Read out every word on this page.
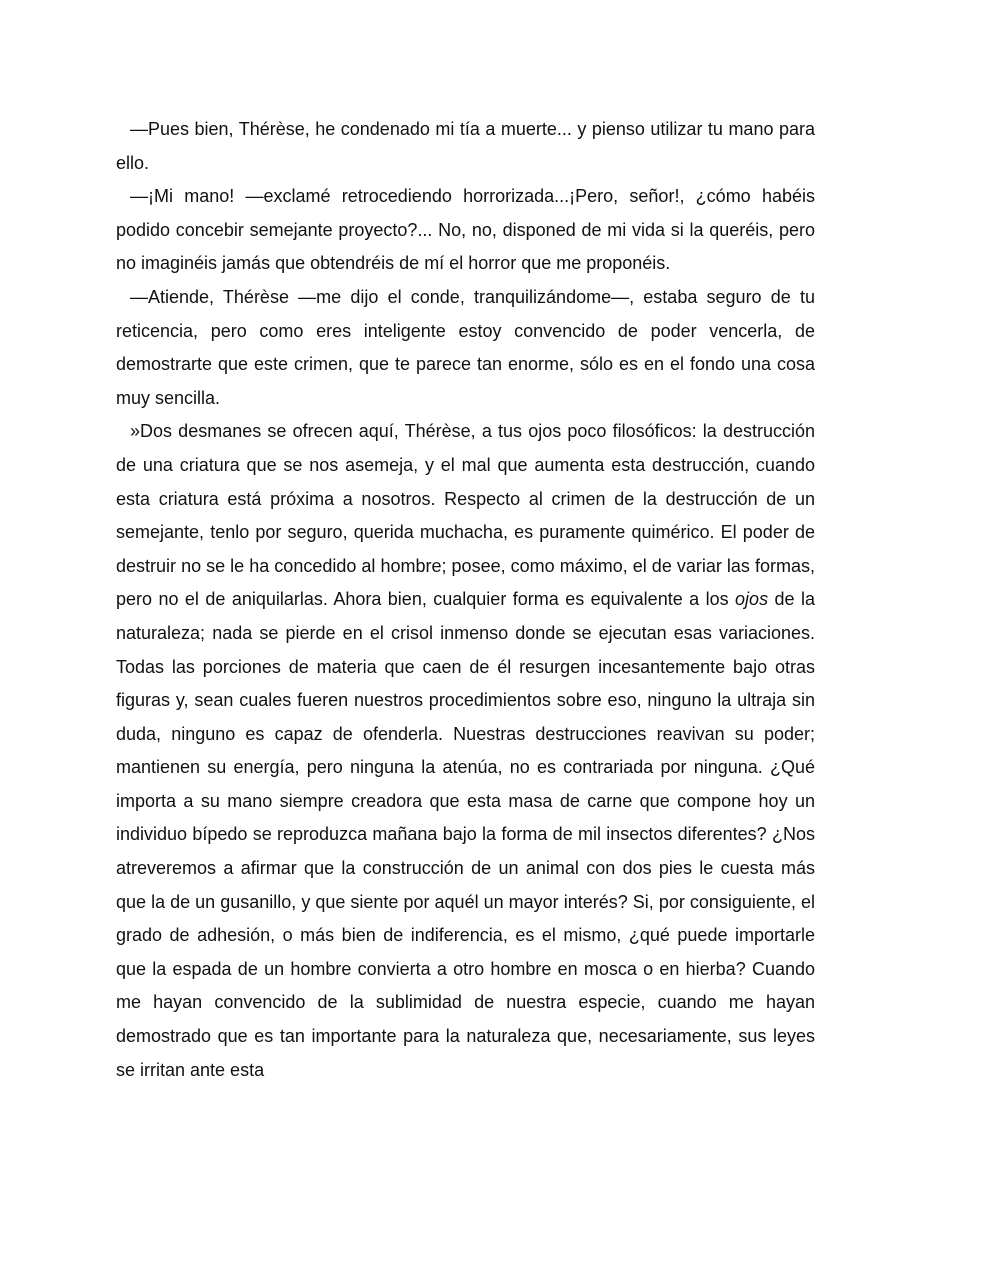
—Pues bien, Thérèse, he condenado mi tía a muerte... y pienso utilizar tu mano para ello.

—¡Mi mano! —exclamé retrocediendo horrorizada...¡Pero, señor!, ¿cómo habéis podido concebir semejante proyecto?... No, no, disponed de mi vida si la queréis, pero no imaginéis jamás que obtendréis de mí el horror que me proponéis.

—Atiende, Thérèse —me dijo el conde, tranquilizándome—, estaba seguro de tu reticencia, pero como eres inteligente estoy convencido de poder vencerla, de demostrarte que este crimen, que te parece tan enorme, sólo es en el fondo una cosa muy sencilla.

»Dos desmanes se ofrecen aquí, Thérèse, a tus ojos poco filosóficos: la destrucción de una criatura que se nos asemeja, y el mal que aumenta esta destrucción, cuando esta criatura está próxima a nosotros. Respecto al crimen de la destrucción de un semejante, tenlo por seguro, querida muchacha, es puramente quimérico. El poder de destruir no se le ha concedido al hombre; posee, como máximo, el de variar las formas, pero no el de aniquilarlas. Ahora bien, cualquier forma es equivalente a los ojos de la naturaleza; nada se pierde en el crisol inmenso donde se ejecutan esas variaciones. Todas las porciones de materia que caen de él resurgen incesantemente bajo otras figuras y, sean cuales fueren nuestros procedimientos sobre eso, ninguno la ultraja sin duda, ninguno es capaz de ofenderla. Nuestras destrucciones reavivan su poder; mantienen su energía, pero ninguna la atenúa, no es contrariada por ninguna. ¿Qué importa a su mano siempre creadora que esta masa de carne que compone hoy un individuo bípedo se reproduzca mañana bajo la forma de mil insectos diferentes? ¿Nos atreveremos a afirmar que la construcción de un animal con dos pies le cuesta más que la de un gusanillo, y que siente por aquél un mayor interés? Si, por consiguiente, el grado de adhesión, o más bien de indiferencia, es el mismo, ¿qué puede importarle que la espada de un hombre convierta a otro hombre en mosca o en hierba? Cuando me hayan convencido de la sublimidad de nuestra especie, cuando me hayan demostrado que es tan importante para la naturaleza que, necesariamente, sus leyes se irritan ante esta
